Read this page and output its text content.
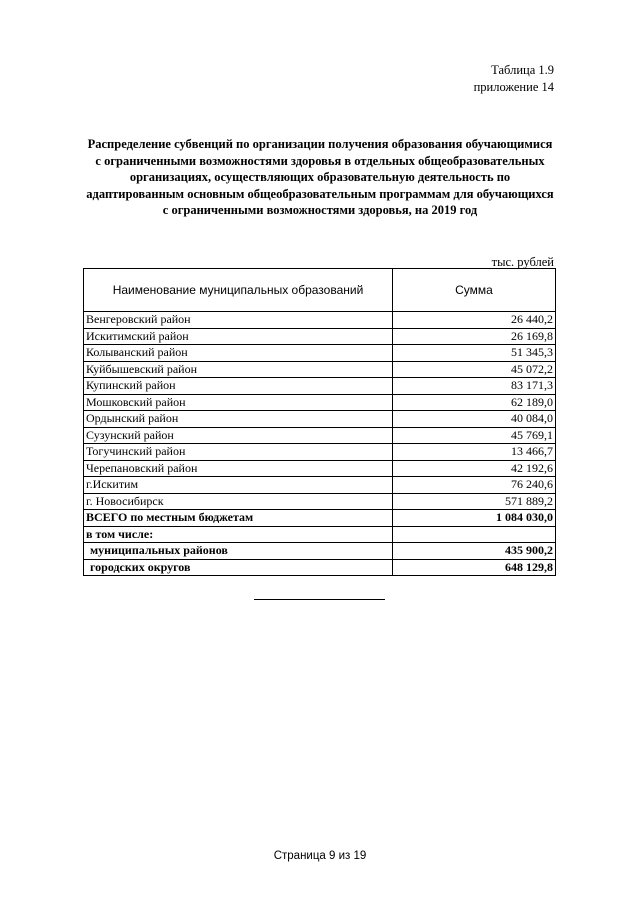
Таблица 1.9
приложение 14
Распределение субвенций по организации получения образования обучающимися с ограниченными возможностями здоровья в отдельных общеобразовательных организациях, осуществляющих образовательную деятельность по адаптированным основным общеобразовательным программам для обучающихся с ограниченными возможностями здоровья, на 2019 год
тыс. рублей
Наименование муниципальных образований	Сумма
Венгеровский район	26 440,2
Искитимский район	26 169,8
Колыванский район	51 345,3
Куйбышевский район	45 072,2
Купинский район	83 171,3
Мошковский район	62 189,0
Ордынский район	40 084,0
Сузунский район	45 769,1
Тогучинский район	13 466,7
Черепановский район	42 192,6
г.Искитим	76 240,6
г. Новосибирск	571 889,2
ВСЕГО по местным бюджетам	1 084 030,0
в том числе:	
муниципальных районов	435 900,2
городских округов	648 129,8
Страница 9 из 19
